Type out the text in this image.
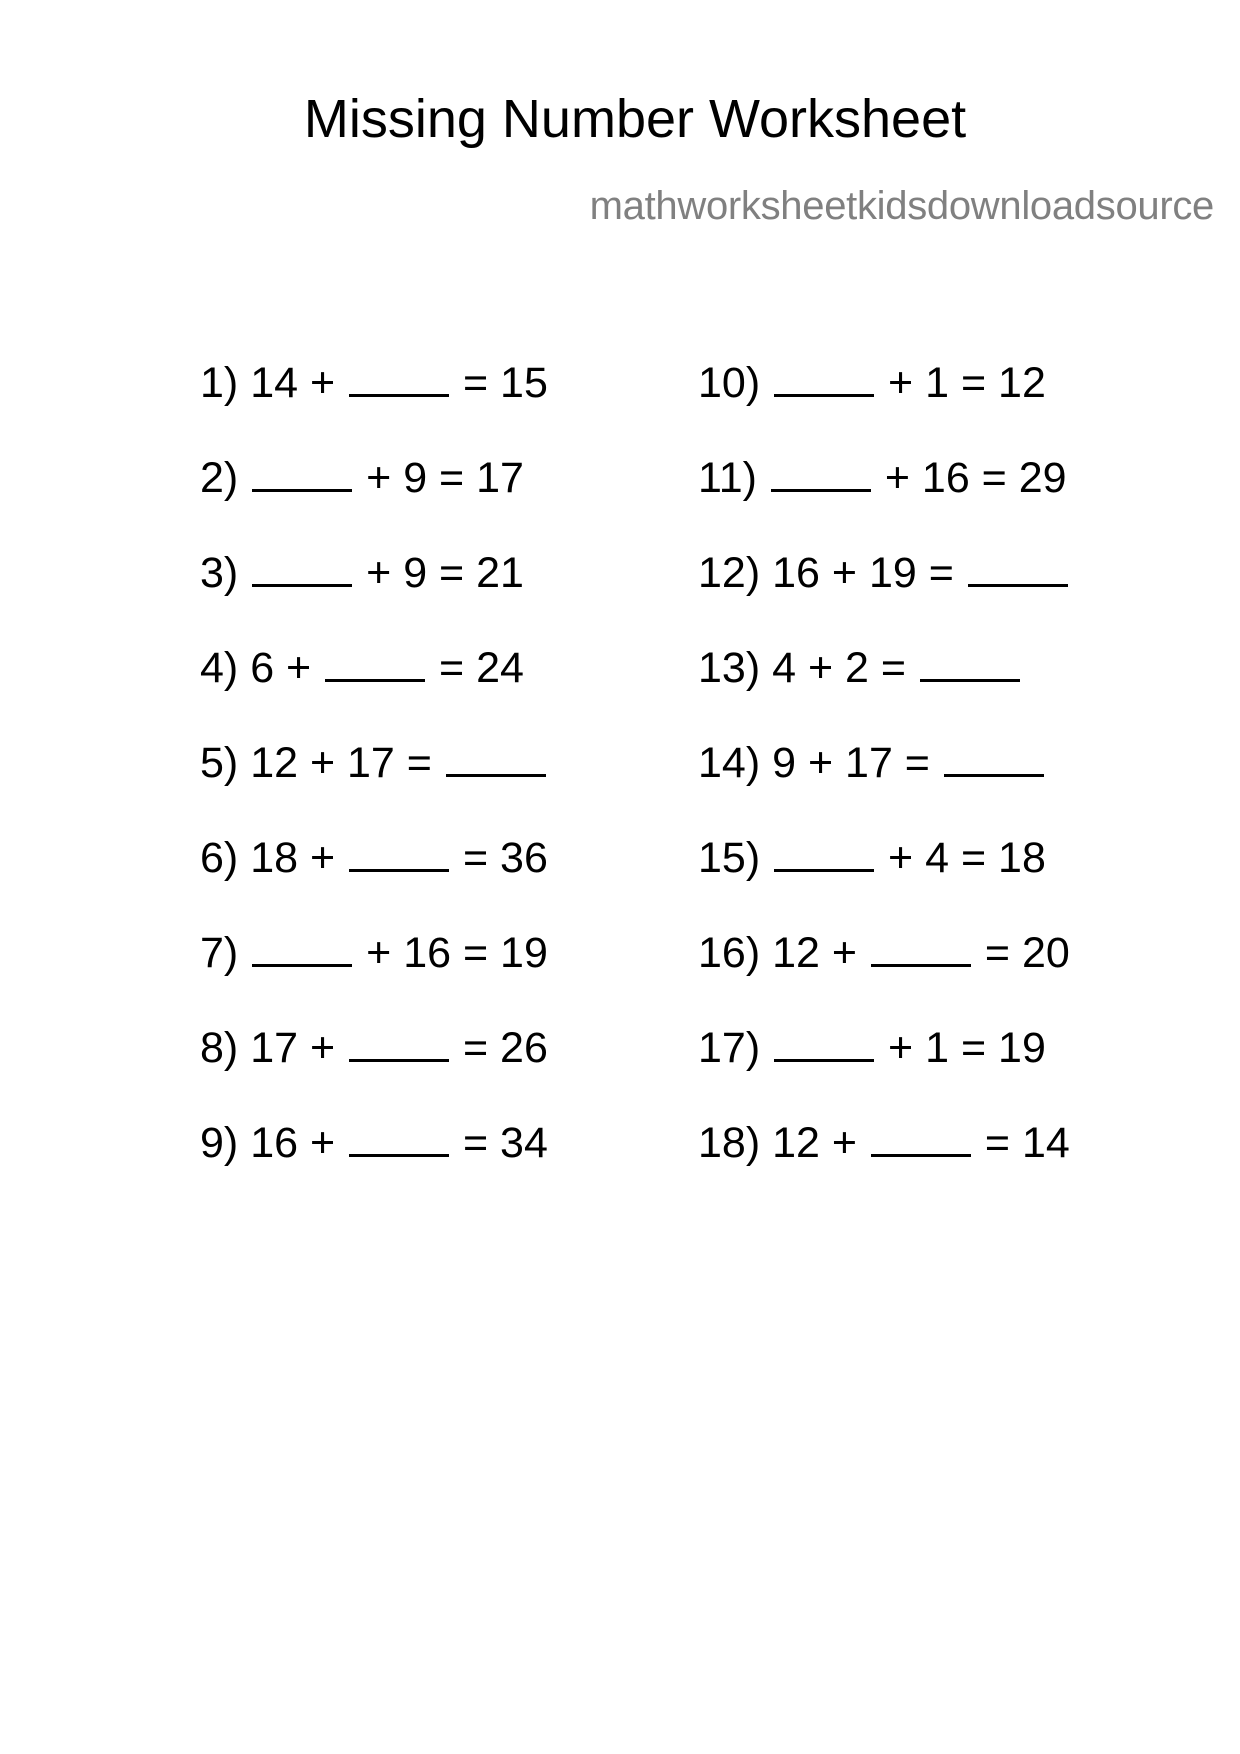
Missing Number Worksheet
mathworksheetkidsdownloadsource
1) 14 +  = 15
2)  + 9 = 17
3)  + 9 = 21
4) 6 +  = 24
5) 12 + 17 =
6) 18 +  = 36
7)  + 16 = 19
8) 17 +  = 26
9) 16 +  = 34
10)  + 1 = 12
11)  + 16 = 29
12) 16 + 19 =
13) 4 + 2 =
14) 9 + 17 =
15)  + 4 = 18
16) 12 +  = 20
17)  + 1 = 19
18) 12 +  = 14
